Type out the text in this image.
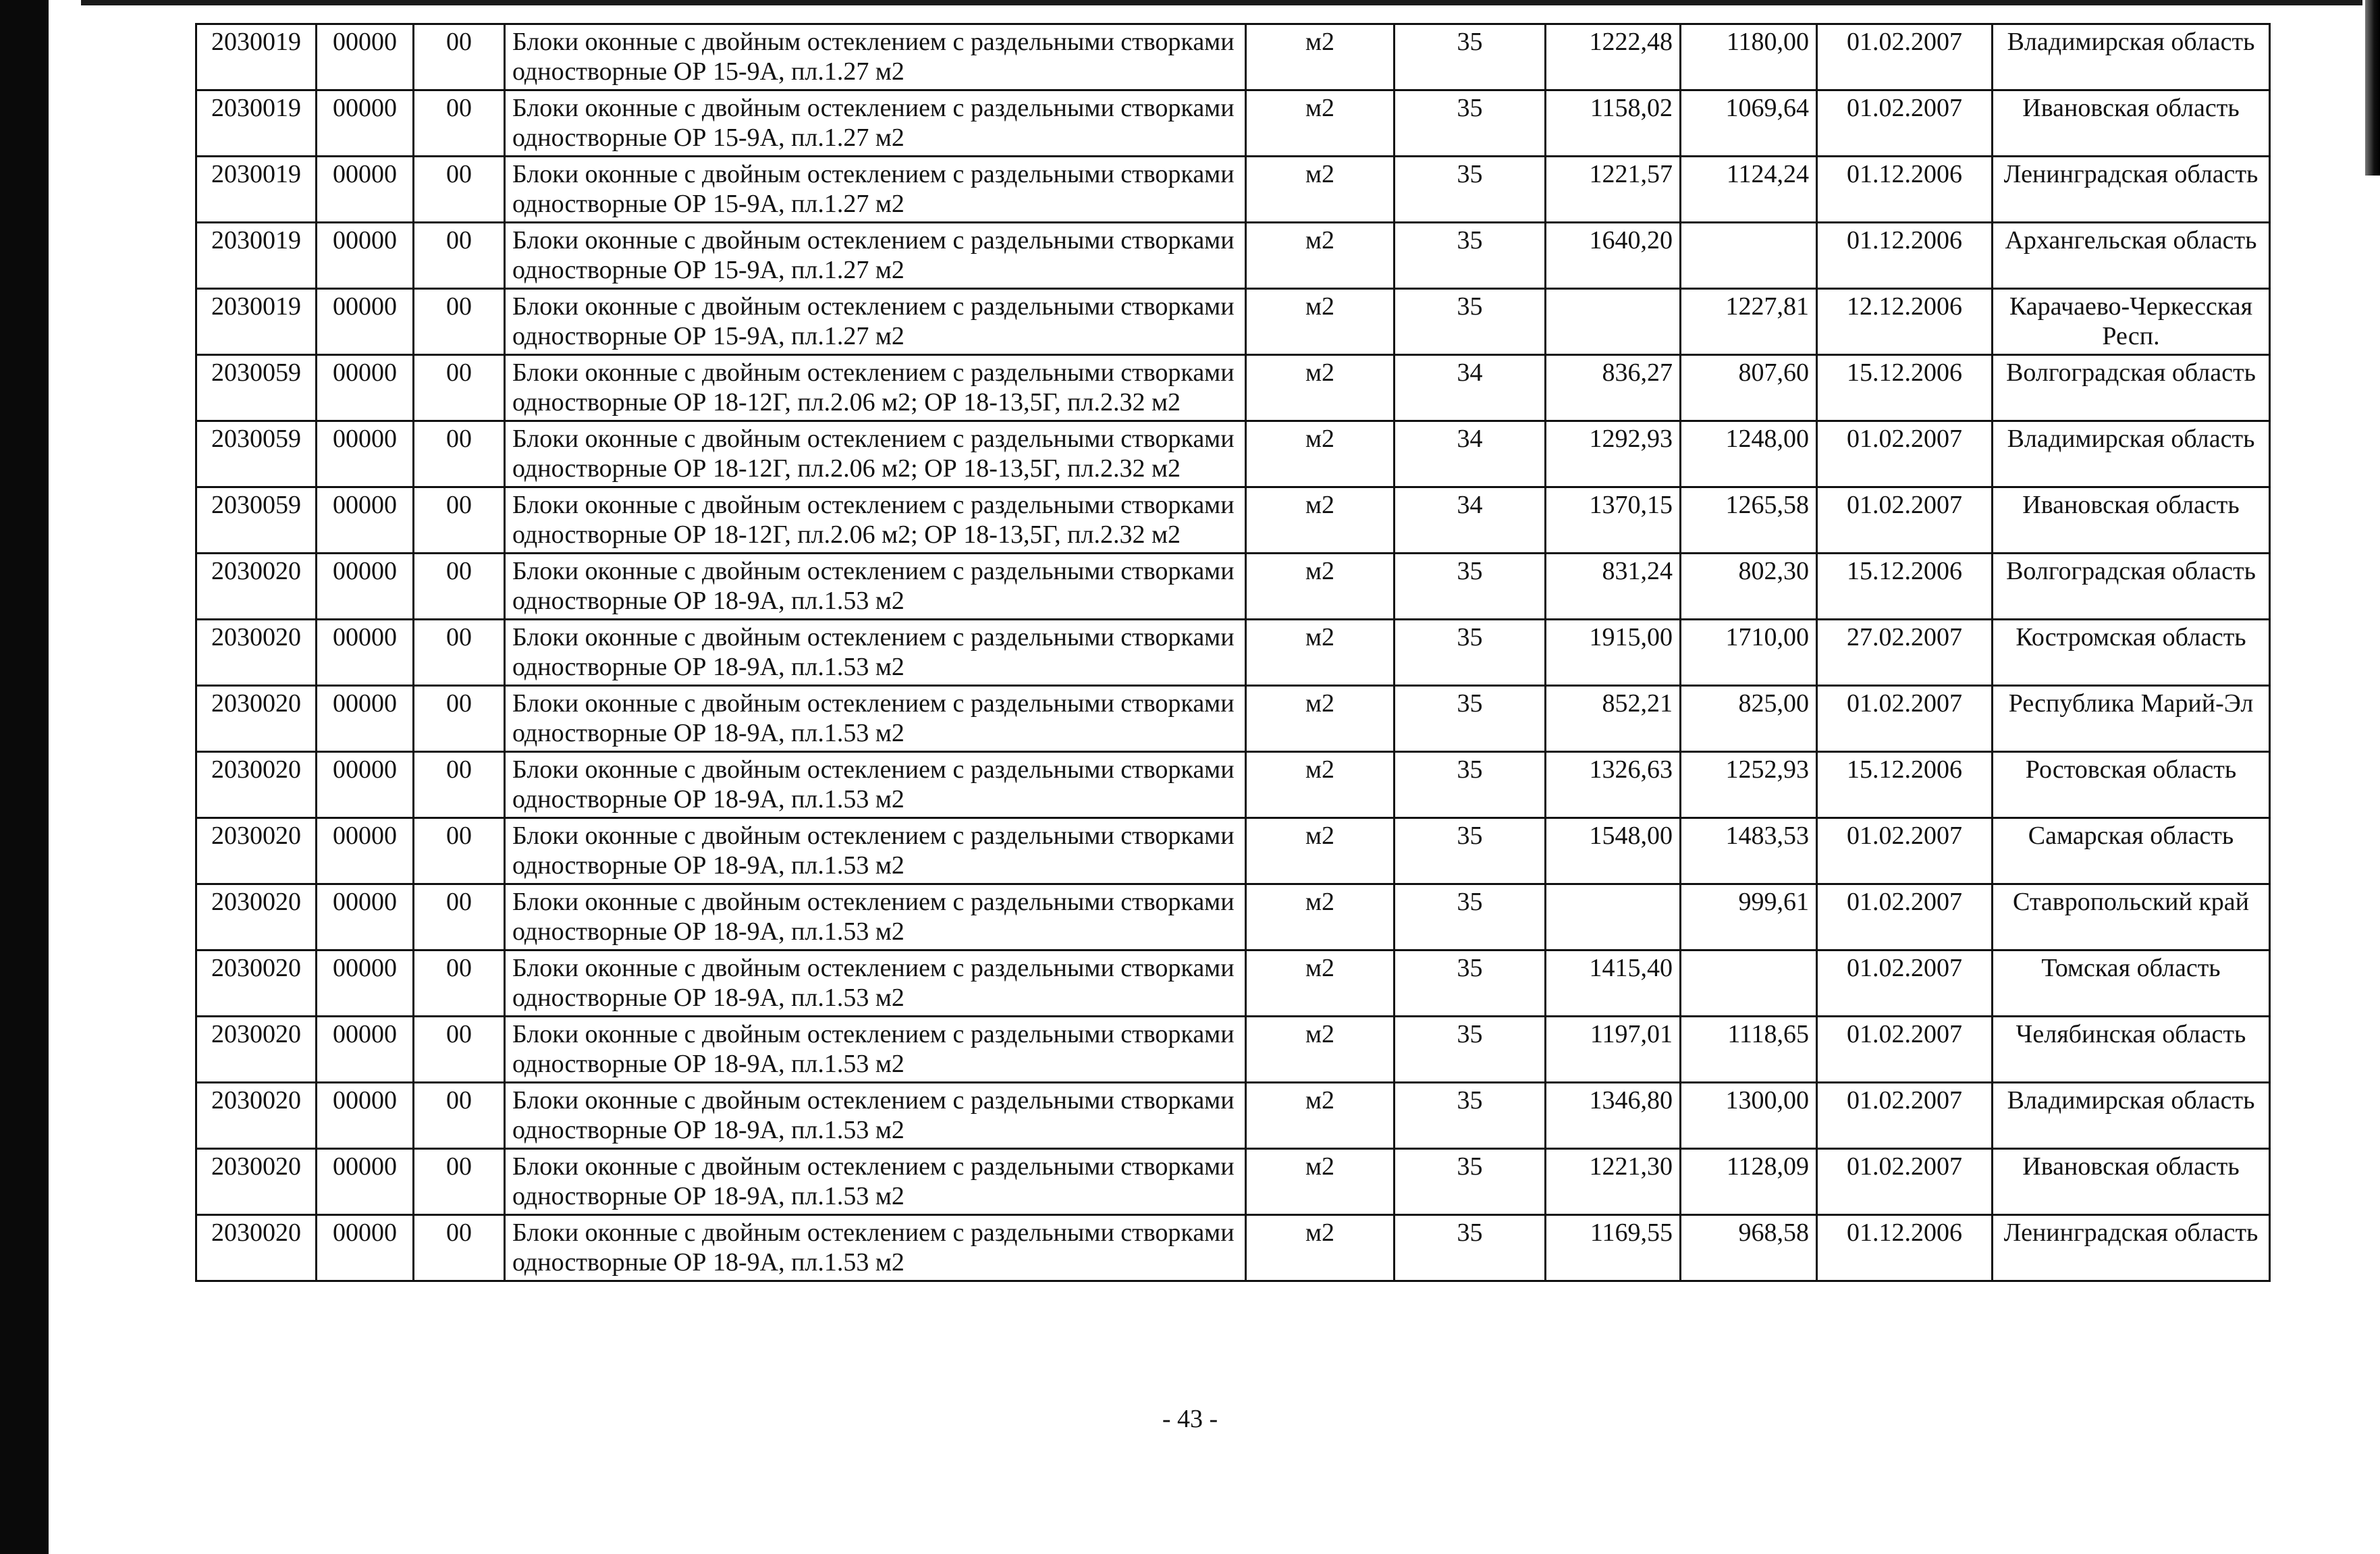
2030019	00000	00	Блоки оконные с двойным остеклением с раздельными створками одностворные ОР 15-9А, пл.1.27 м2	м2	35	1222,48	1180,00	01.02.2007	Владимирская область
2030019	00000	00	Блоки оконные с двойным остеклением с раздельными створками одностворные ОР 15-9А, пл.1.27 м2	м2	35	1158,02	1069,64	01.02.2007	Ивановская область
2030019	00000	00	Блоки оконные с двойным остеклением с раздельными створками одностворные ОР 15-9А, пл.1.27 м2	м2	35	1221,57	1124,24	01.12.2006	Ленинградская область
2030019	00000	00	Блоки оконные с двойным остеклением с раздельными створками одностворные ОР 15-9А, пл.1.27 м2	м2	35	1640,20		01.12.2006	Архангельская область
2030019	00000	00	Блоки оконные с двойным остеклением с раздельными створками одностворные ОР 15-9А, пл.1.27 м2	м2	35		1227,81	12.12.2006	Карачаево-Черкесская Респ.
2030059	00000	00	Блоки оконные с двойным остеклением с раздельными створками одностворные ОР 18-12Г, пл.2.06 м2; ОР 18-13,5Г, пл.2.32 м2	м2	34	836,27	807,60	15.12.2006	Волгоградская область
2030059	00000	00	Блоки оконные с двойным остеклением с раздельными створками одностворные ОР 18-12Г, пл.2.06 м2; ОР 18-13,5Г, пл.2.32 м2	м2	34	1292,93	1248,00	01.02.2007	Владимирская область
2030059	00000	00	Блоки оконные с двойным остеклением с раздельными створками одностворные ОР 18-12Г, пл.2.06 м2; ОР 18-13,5Г, пл.2.32 м2	м2	34	1370,15	1265,58	01.02.2007	Ивановская область
2030020	00000	00	Блоки оконные с двойным остеклением с раздельными створками одностворные ОР 18-9А, пл.1.53 м2	м2	35	831,24	802,30	15.12.2006	Волгоградская область
2030020	00000	00	Блоки оконные с двойным остеклением с раздельными створками одностворные ОР 18-9А, пл.1.53 м2	м2	35	1915,00	1710,00	27.02.2007	Костромская область
2030020	00000	00	Блоки оконные с двойным остеклением с раздельными створками одностворные ОР 18-9А, пл.1.53 м2	м2	35	852,21	825,00	01.02.2007	Республика Марий-Эл
2030020	00000	00	Блоки оконные с двойным остеклением с раздельными створками одностворные ОР 18-9А, пл.1.53 м2	м2	35	1326,63	1252,93	15.12.2006	Ростовская область
2030020	00000	00	Блоки оконные с двойным остеклением с раздельными створками одностворные ОР 18-9А, пл.1.53 м2	м2	35	1548,00	1483,53	01.02.2007	Самарская область
2030020	00000	00	Блоки оконные с двойным остеклением с раздельными створками одностворные ОР 18-9А, пл.1.53 м2	м2	35		999,61	01.02.2007	Ставропольский край
2030020	00000	00	Блоки оконные с двойным остеклением с раздельными створками одностворные ОР 18-9А, пл.1.53 м2	м2	35	1415,40		01.02.2007	Томская область
2030020	00000	00	Блоки оконные с двойным остеклением с раздельными створками одностворные ОР 18-9А, пл.1.53 м2	м2	35	1197,01	1118,65	01.02.2007	Челябинская область
2030020	00000	00	Блоки оконные с двойным остеклением с раздельными створками одностворные ОР 18-9А, пл.1.53 м2	м2	35	1346,80	1300,00	01.02.2007	Владимирская область
2030020	00000	00	Блоки оконные с двойным остеклением с раздельными створками одностворные ОР 18-9А, пл.1.53 м2	м2	35	1221,30	1128,09	01.02.2007	Ивановская область
2030020	00000	00	Блоки оконные с двойным остеклением с раздельными створками одностворные ОР 18-9А, пл.1.53 м2	м2	35	1169,55	968,58	01.12.2006	Ленинградская область
- 43 -
